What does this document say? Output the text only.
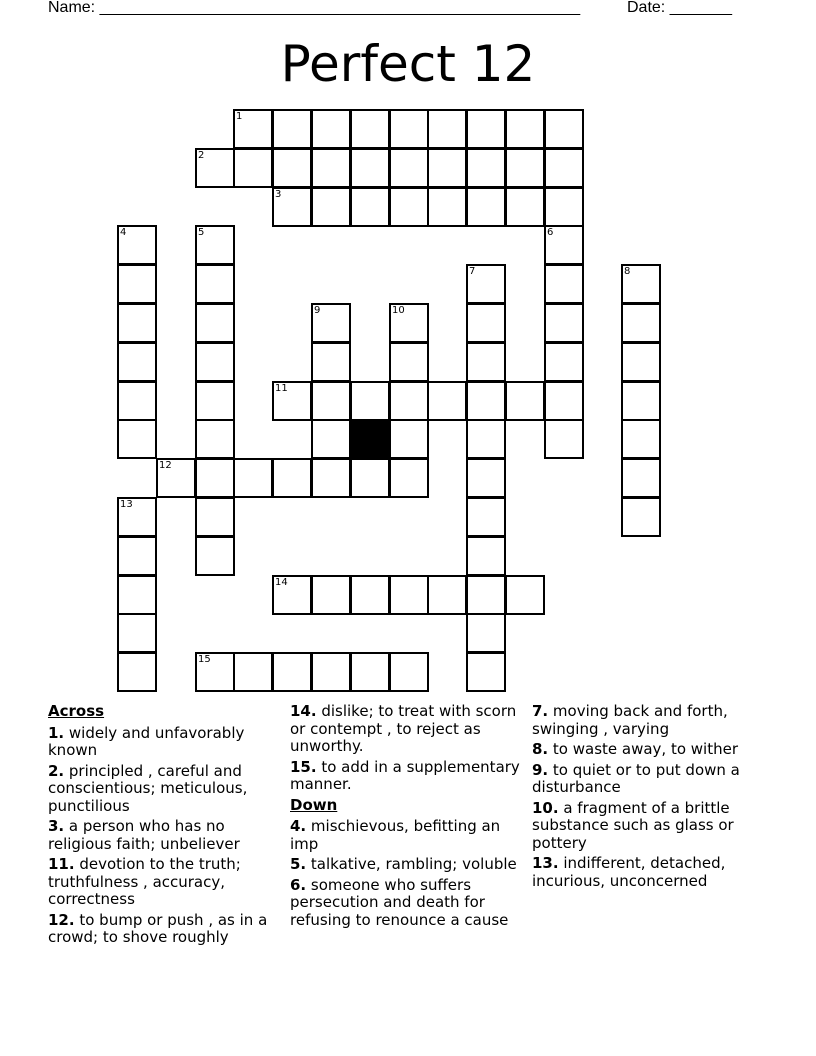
Name: ______________________________________________________	Date: _______
Perfect 12
1
2
3
4	5	6
7	8
9	10
11
12
13
14
15
Across
1. widely and unfavorably known
2. principled , careful and conscientious; meticulous, punctilious
3. a person who has no religious faith; unbeliever
11. devotion to the truth; truthfulness , accuracy, correctness
12. to bump or push , as in a crowd; to shove roughly
14. dislike; to treat with scorn or contempt , to reject as unworthy.
15. to add in a supplementary manner.
Down
4. mischievous, befitting an imp
5. talkative, rambling; voluble
6. someone who suffers persecution and death for refusing to renounce a cause
7. moving back and forth, swinging , varying
8. to waste away, to wither
9. to quiet or to put down a disturbance
10. a fragment of a brittle substance such as glass or pottery
13. indifferent, detached, incurious, unconcerned
